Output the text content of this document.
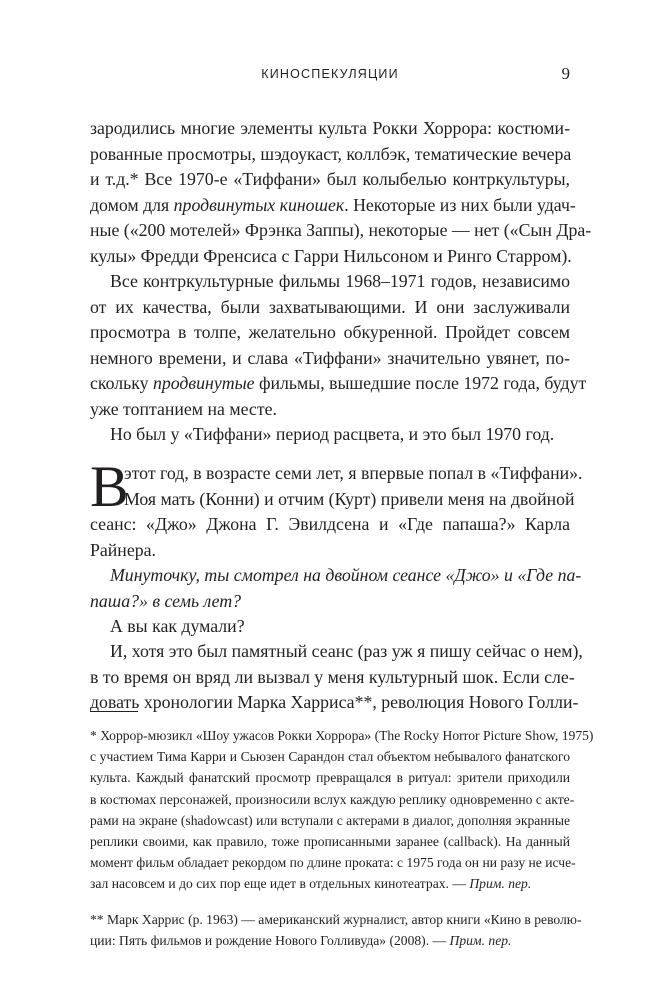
КИНОСПЕКУЛЯЦИИ	9
зародились многие элементы культа Рокки Хоррора: костюми-
рованные просмотры, шэдоукаст, коллбэк, тематические вечера
и т.д.* Все 1970-е «Тиффани» был колыбелью контркультуры,
домом для продвинутых киношек. Некоторые из них были удач-
ные («200 мотелей» Фрэнка Заппы), некоторые — нет («Сын Дра-
кулы» Фредди Френсиса с Гарри Нильсоном и Ринго Старром).
Все контркультурные фильмы 1968–1971 годов, независимо
от их качества, были захватывающими. И они заслуживали
просмотра в толпе, желательно обкуренной. Пройдет совсем
немного времени, и слава «Тиффани» значительно увянет, по-
скольку продвинутые фильмы, вышедшие после 1972 года, будут
уже топтанием на месте.
Но был у «Тиффани» период расцвета, и это был 1970 год.
В
этот год, в возрасте семи лет, я впервые попал в «Тиффани».
Моя мать (Конни) и отчим (Курт) привели меня на двойной
сеанс: «Джо» Джона Г. Эвилдсена и «Где папаша?» Карла
Райнера.
Минуточку, ты смотрел на двойном сеансе «Джо» и «Где па-
паша?» в семь лет?
А вы как думали?
И, хотя это был памятный сеанс (раз уж я пишу сейчас о нем),
в то время он вряд ли вызвал у меня культурный шок. Если сле-
довать хронологии Марка Харриса**, революция Нового Голли-
* Хоррор-мюзикл «Шоу ужасов Рокки Хоррора» (The Rocky Horror Picture Show, 1975)
с участием Тима Карри и Сьюзен Сарандон стал объектом небывалого фанатского
культа. Каждый фанатский просмотр превращался в ритуал: зрители приходили
в костюмах персонажей, произносили вслух каждую реплику одновременно с акте-
рами на экране (shadowcast) или вступали с актерами в диалог, дополняя экранные
реплики своими, как правило, тоже прописанными заранее (callback). На данный
момент фильм обладает рекордом по длине проката: с 1975 года он ни разу не исче-
зал насовсем и до сих пор еще идет в отдельных кинотеатрах. — Прим. пер.
** Марк Харрис (р. 1963) — американский журналист, автор книги «Кино в револю-
ции: Пять фильмов и рождение Нового Голливуда» (2008). — Прим. пер.
